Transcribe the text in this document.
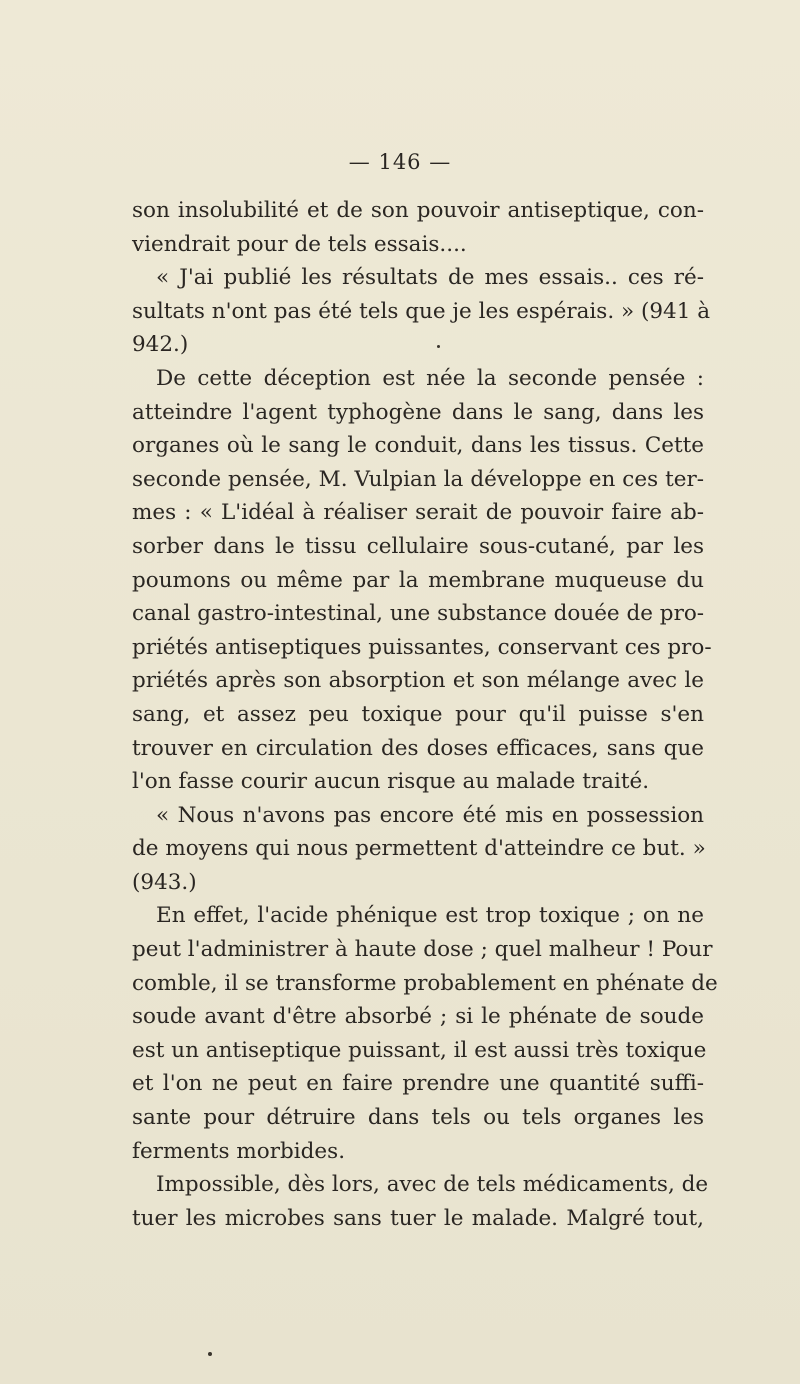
— 146 —
son insolubilité et de son pouvoir antiseptique, con-
viendrait pour de tels essais....
« J'ai publié les résultats de mes essais.. ces ré-
sultats n'ont pas été tels que je les espérais. » (941 à
942.)
De cette déception est née la seconde pensée :
atteindre l'agent typhogène dans le sang, dans les
organes où le sang le conduit, dans les tissus. Cette
seconde pensée, M. Vulpian la développe en ces ter-
mes : « L'idéal à réaliser serait de pouvoir faire ab-
sorber dans le tissu cellulaire sous-cutané, par les
poumons ou même par la membrane muqueuse du
canal gastro-intestinal, une substance douée de pro-
priétés antiseptiques puissantes, conservant ces pro-
priétés après son absorption et son mélange avec le
sang, et assez peu toxique pour qu'il puisse s'en
trouver en circulation des doses efficaces, sans que
l'on fasse courir aucun risque au malade traité.
« Nous n'avons pas encore été mis en possession
de moyens qui nous permettent d'atteindre ce but. »
(943.)
En effet, l'acide phénique est trop toxique ; on ne
peut l'administrer à haute dose ; quel malheur ! Pour
comble, il se transforme probablement en phénate de
soude avant d'être absorbé ; si le phénate de soude
est un antiseptique puissant, il est aussi très toxique
et l'on ne peut en faire prendre une quantité suffi-
sante pour détruire dans tels ou tels organes les
ferments morbides.
Impossible, dès lors, avec de tels médicaments, de
tuer les microbes sans tuer le malade. Malgré tout,
